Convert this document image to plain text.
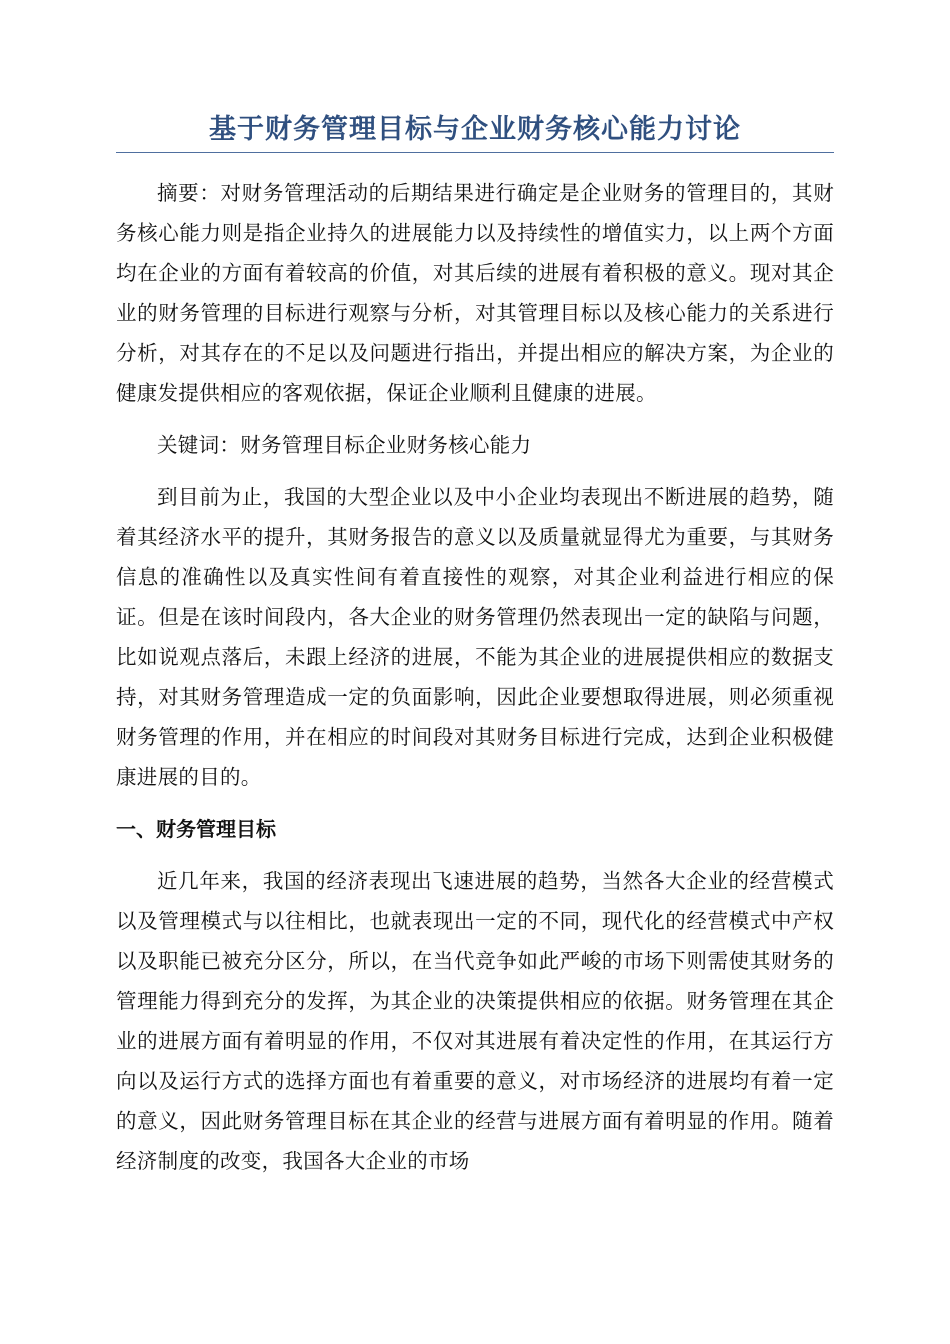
基于财务管理目标与企业财务核心能力讨论

摘要：对财务管理活动的后期结果进行确定是企业财务的管理目的，其财务核心能力则是指企业持久的进展能力以及持续性的增值实力，以上两个方面均在企业的方面有着较高的价值，对其后续的进展有着积极的意义。现对其企业的财务管理的目标进行观察与分析，对其管理目标以及核心能力的关系进行分析，对其存在的不足以及问题进行指出，并提出相应的解决方案，为企业的健康发提供相应的客观依据，保证企业顺利且健康的进展。

关键词：财务管理目标企业财务核心能力

到目前为止，我国的大型企业以及中小企业均表现出不断进展的趋势，随着其经济水平的提升，其财务报告的意义以及质量就显得尤为重要，与其财务信息的准确性以及真实性间有着直接性的观察，对其企业利益进行相应的保证。但是在该时间段内，各大企业的财务管理仍然表现出一定的缺陷与问题，比如说观点落后，未跟上经济的进展，不能为其企业的进展提供相应的数据支持，对其财务管理造成一定的负面影响，因此企业要想取得进展，则必须重视财务管理的作用，并在相应的时间段对其财务目标进行完成，达到企业积极健康进展的目的。

一、财务管理目标

近几年来，我国的经济表现出飞速进展的趋势，当然各大企业的经营模式以及管理模式与以往相比，也就表现出一定的不同，现代化的经营模式中产权以及职能已被充分区分，所以，在当代竞争如此严峻的市场下则需使其财务的管理能力得到充分的发挥，为其企业的决策提供相应的依据。财务管理在其企业的进展方面有着明显的作用，不仅对其进展有着决定性的作用，在其运行方向以及运行方式的选择方面也有着重要的意义，对市场经济的进展均有着一定的意义，因此财务管理目标在其企业的经营与进展方面有着明显的作用。随着经济制度的改变，我国各大企业的市场
